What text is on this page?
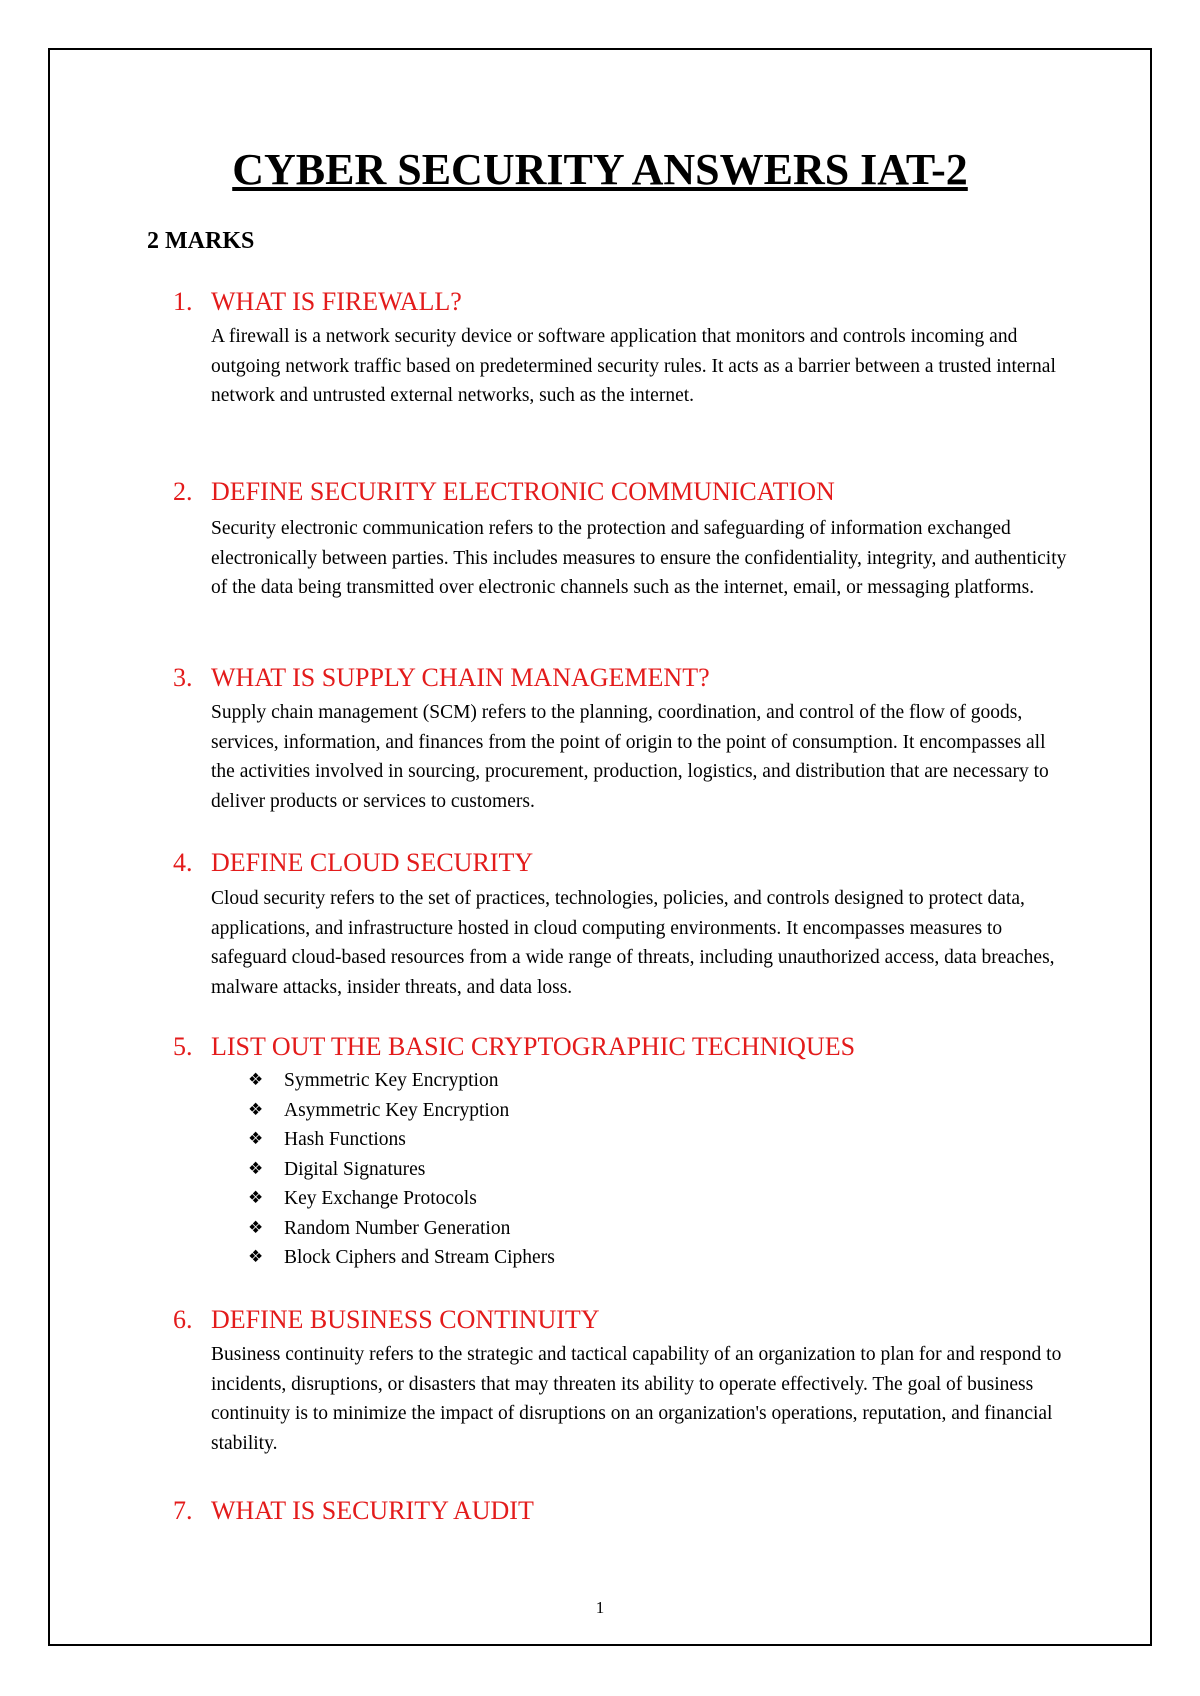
CYBER SECURITY ANSWERS IAT-2
2 MARKS
1. WHAT IS FIREWALL?

A firewall is a network security device or software application that monitors and controls incoming and outgoing network traffic based on predetermined security rules. It acts as a barrier between a trusted internal network and untrusted external networks, such as the internet.

2. DEFINE SECURITY ELECTRONIC COMMUNICATION

Security electronic communication refers to the protection and safeguarding of information exchanged electronically between parties. This includes measures to ensure the confidentiality, integrity, and authenticity of the data being transmitted over electronic channels such as the internet, email, or messaging platforms.

3. WHAT IS SUPPLY CHAIN MANAGEMENT?

Supply chain management (SCM) refers to the planning, coordination, and control of the flow of goods, services, information, and finances from the point of origin to the point of consumption. It encompasses all the activities involved in sourcing, procurement, production, logistics, and distribution that are necessary to deliver products or services to customers.

4. DEFINE CLOUD SECURITY

Cloud security refers to the set of practices, technologies, policies, and controls designed to protect data, applications, and infrastructure hosted in cloud computing environments. It encompasses measures to safeguard cloud-based resources from a wide range of threats, including unauthorized access, data breaches, malware attacks, insider threats, and data loss.

5. LIST OUT THE BASIC CRYPTOGRAPHIC TECHNIQUES
❖ Symmetric Key Encryption
❖ Asymmetric Key Encryption
❖ Hash Functions
❖ Digital Signatures
❖ Key Exchange Protocols
❖ Random Number Generation
❖ Block Ciphers and Stream Ciphers
6. DEFINE BUSINESS CONTINUITY

Business continuity refers to the strategic and tactical capability of an organization to plan for and respond to incidents, disruptions, or disasters that may threaten its ability to operate effectively. The goal of business continuity is to minimize the impact of disruptions on an organization's operations, reputation, and financial stability.

7. WHAT IS SECURITY AUDIT

1
